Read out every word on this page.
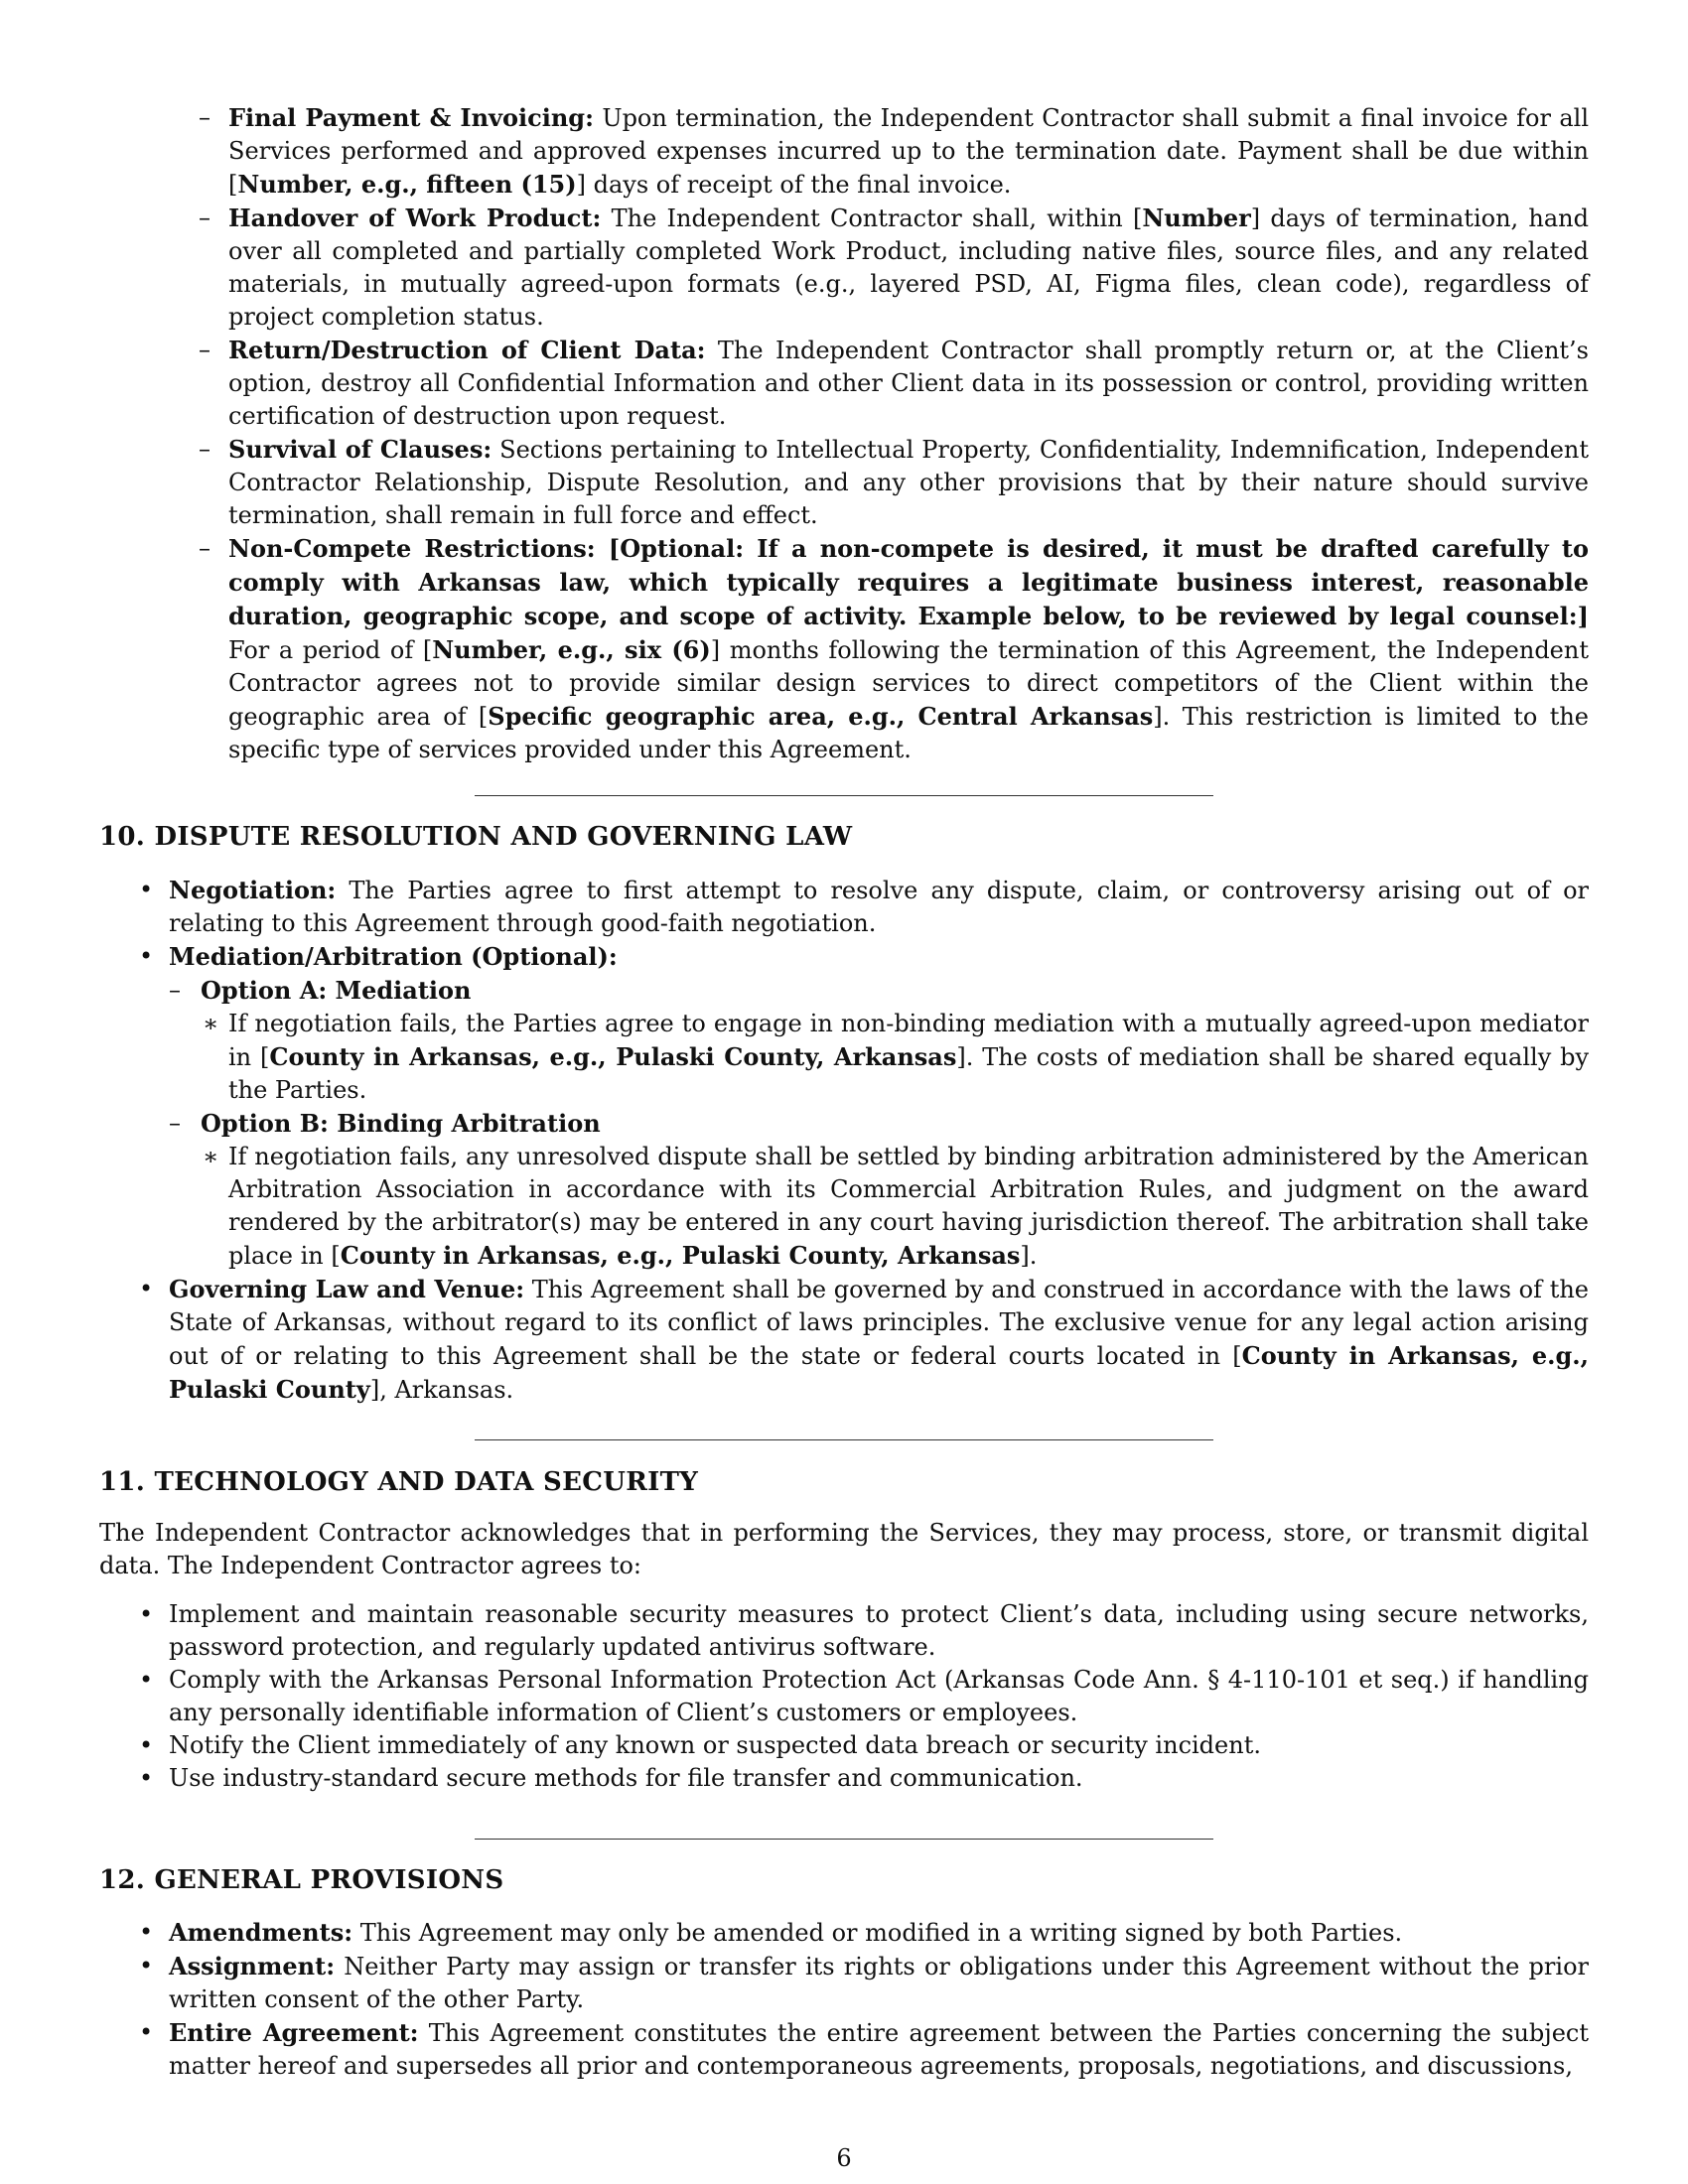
– Final Payment & Invoicing: Upon termination, the Independent Contractor shall submit a final invoice for all Services performed and approved expenses incurred up to the termination date. Payment shall be due within [Number, e.g., fifteen (15)] days of receipt of the final invoice.
– Handover of Work Product: The Independent Contractor shall, within [Number] days of termination, hand over all completed and partially completed Work Product, including native files, source files, and any related materials, in mutually agreed-upon formats (e.g., layered PSD, AI, Figma files, clean code), regardless of project completion status.
– Return/Destruction of Client Data: The Independent Contractor shall promptly return or, at the Client’s option, destroy all Confidential Information and other Client data in its possession or control, providing written certification of destruction upon request.
– Survival of Clauses: Sections pertaining to Intellectual Property, Confidentiality, Indemnification, Independent Contractor Relationship, Dispute Resolution, and any other provisions that by their nature should survive termination, shall remain in full force and effect.
– Non-Compete Restrictions: [Optional: If a non-compete is desired, it must be drafted carefully to comply with Arkansas law, which typically requires a legitimate business interest, reasonable duration, geographic scope, and scope of activity. Example below, to be reviewed by legal counsel:] For a period of [Number, e.g., six (6)] months following the termination of this Agreement, the Independent Contractor agrees not to provide similar design services to direct competitors of the Client within the geographic area of [Specific geographic area, e.g., Central Arkansas]. This restriction is limited to the specific type of services provided under this Agreement.
10. DISPUTE RESOLUTION AND GOVERNING LAW
• Negotiation: The Parties agree to first attempt to resolve any dispute, claim, or controversy arising out of or relating to this Agreement through good-faith negotiation.
• Mediation/Arbitration (Optional):
– Option A: Mediation
∗ If negotiation fails, the Parties agree to engage in non-binding mediation with a mutually agreed-upon mediator in [County in Arkansas, e.g., Pulaski County, Arkansas]. The costs of mediation shall be shared equally by the Parties.
– Option B: Binding Arbitration
∗ If negotiation fails, any unresolved dispute shall be settled by binding arbitration administered by the American Arbitration Association in accordance with its Commercial Arbitration Rules, and judgment on the award rendered by the arbitrator(s) may be entered in any court having jurisdiction thereof. The arbitration shall take place in [County in Arkansas, e.g., Pulaski County, Arkansas].
• Governing Law and Venue: This Agreement shall be governed by and construed in accordance with the laws of the State of Arkansas, without regard to its conflict of laws principles. The exclusive venue for any legal action arising out of or relating to this Agreement shall be the state or federal courts located in [County in Arkansas, e.g., Pulaski County], Arkansas.
11. TECHNOLOGY AND DATA SECURITY
The Independent Contractor acknowledges that in performing the Services, they may process, store, or transmit digital data. The Independent Contractor agrees to:
• Implement and maintain reasonable security measures to protect Client’s data, including using secure networks, password protection, and regularly updated antivirus software.
• Comply with the Arkansas Personal Information Protection Act (Arkansas Code Ann. § 4-110-101 et seq.) if handling any personally identifiable information of Client’s customers or employees.
• Notify the Client immediately of any known or suspected data breach or security incident.
• Use industry-standard secure methods for file transfer and communication.
12. GENERAL PROVISIONS
• Amendments: This Agreement may only be amended or modified in a writing signed by both Parties.
• Assignment: Neither Party may assign or transfer its rights or obligations under this Agreement without the prior written consent of the other Party.
• Entire Agreement: This Agreement constitutes the entire agreement between the Parties concerning the subject matter hereof and supersedes all prior and contemporaneous agreements, proposals, negotiations, and discussions,
6
